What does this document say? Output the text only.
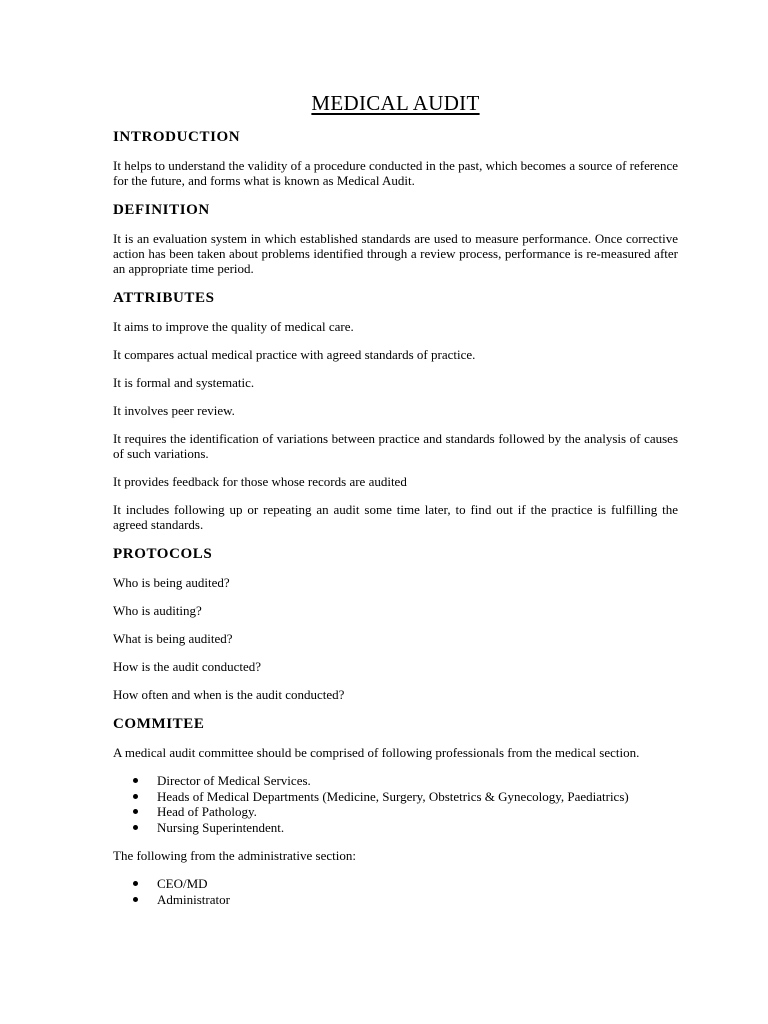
MEDICAL AUDIT
INTRODUCTION

It helps to understand the validity of a procedure conducted in the past, which becomes a source of reference for the future, and forms what is known as Medical Audit.

DEFINITION

It is an evaluation system in which established standards are used to measure performance. Once corrective action has been taken about problems identified through a review process, performance is re-measured after an appropriate time period.

ATTRIBUTES

It aims to improve the quality of medical care.

It compares actual medical practice with agreed standards of practice.

It is formal and systematic.

It involves peer review.

It requires the identification of variations between practice and standards followed by the analysis of causes of such variations.

It provides feedback for those whose records are audited

It includes following up or repeating an audit some time later, to find out if the practice is fulfilling the agreed standards.

PROTOCOLS

Who is being audited?

Who is auditing?

What is being audited?

How is the audit conducted?

How often and when is the audit conducted?

COMMITEE

A medical audit committee should be comprised of following professionals from the medical section.

Director of Medical Services.
Heads of Medical Departments (Medicine, Surgery, Obstetrics & Gynecology, Paediatrics)
Head of Pathology.
Nursing Superintendent.

The following from the administrative section:

CEO/MD
Administrator
